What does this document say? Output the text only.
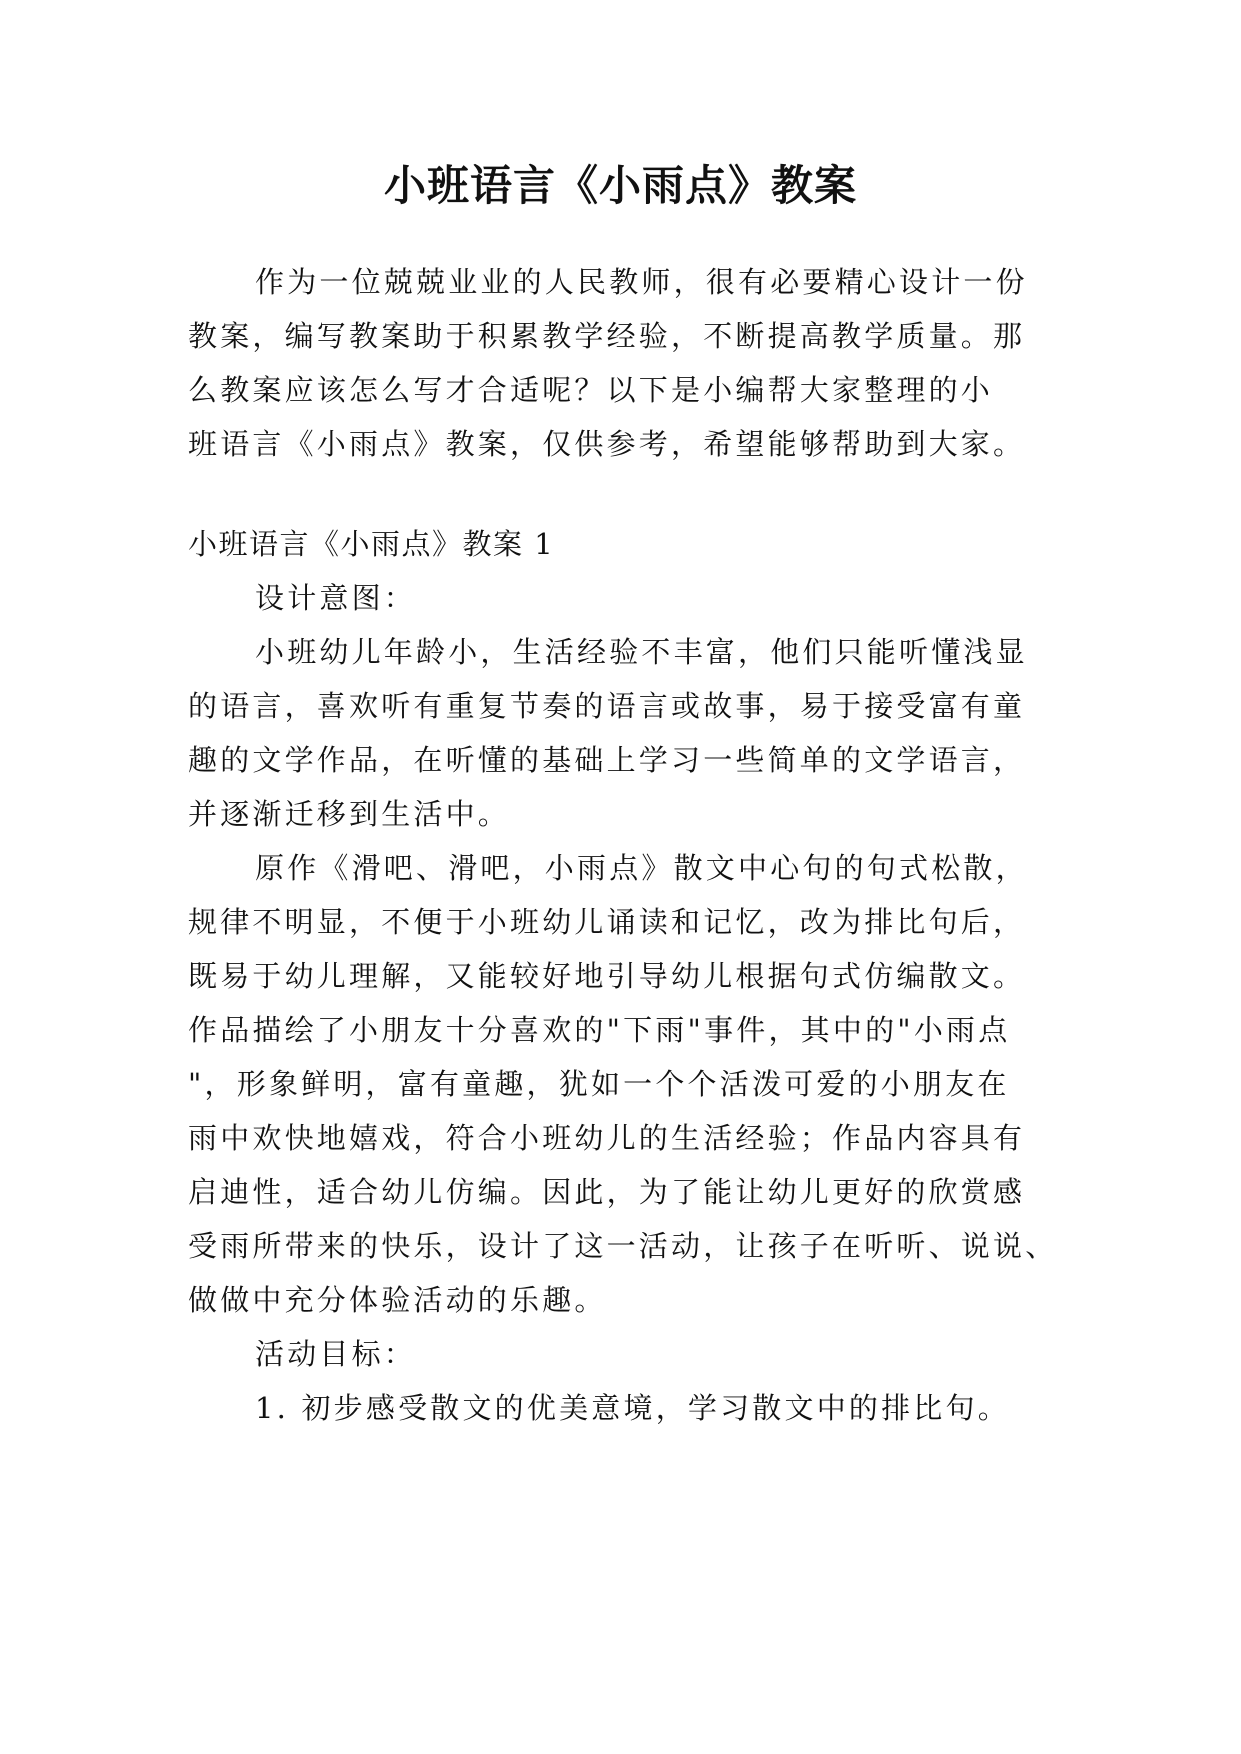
小班语言《小雨点》教案
作为一位兢兢业业的人民教师，很有必要精心设计一份
教案，编写教案助于积累教学经验，不断提高教学质量。那
么教案应该怎么写才合适呢？以下是小编帮大家整理的小
班语言《小雨点》教案，仅供参考，希望能够帮助到大家。
小班语言《小雨点》教案 1
设计意图：
小班幼儿年龄小，生活经验不丰富，他们只能听懂浅显
的语言，喜欢听有重复节奏的语言或故事，易于接受富有童
趣的文学作品，在听懂的基础上学习一些简单的文学语言，
并逐渐迁移到生活中。
原作《滑吧、滑吧，小雨点》散文中心句的句式松散，
规律不明显，不便于小班幼儿诵读和记忆，改为排比句后，
既易于幼儿理解，又能较好地引导幼儿根据句式仿编散文。
作品描绘了小朋友十分喜欢的"下雨"事件，其中的"小雨点
"，形象鲜明，富有童趣，犹如一个个活泼可爱的小朋友在
雨中欢快地嬉戏，符合小班幼儿的生活经验；作品内容具有
启迪性，适合幼儿仿编。因此，为了能让幼儿更好的欣赏感
受雨所带来的快乐，设计了这一活动，让孩子在听听、说说、
做做中充分体验活动的乐趣。
活动目标：
1. 初步感受散文的优美意境，学习散文中的排比句。
